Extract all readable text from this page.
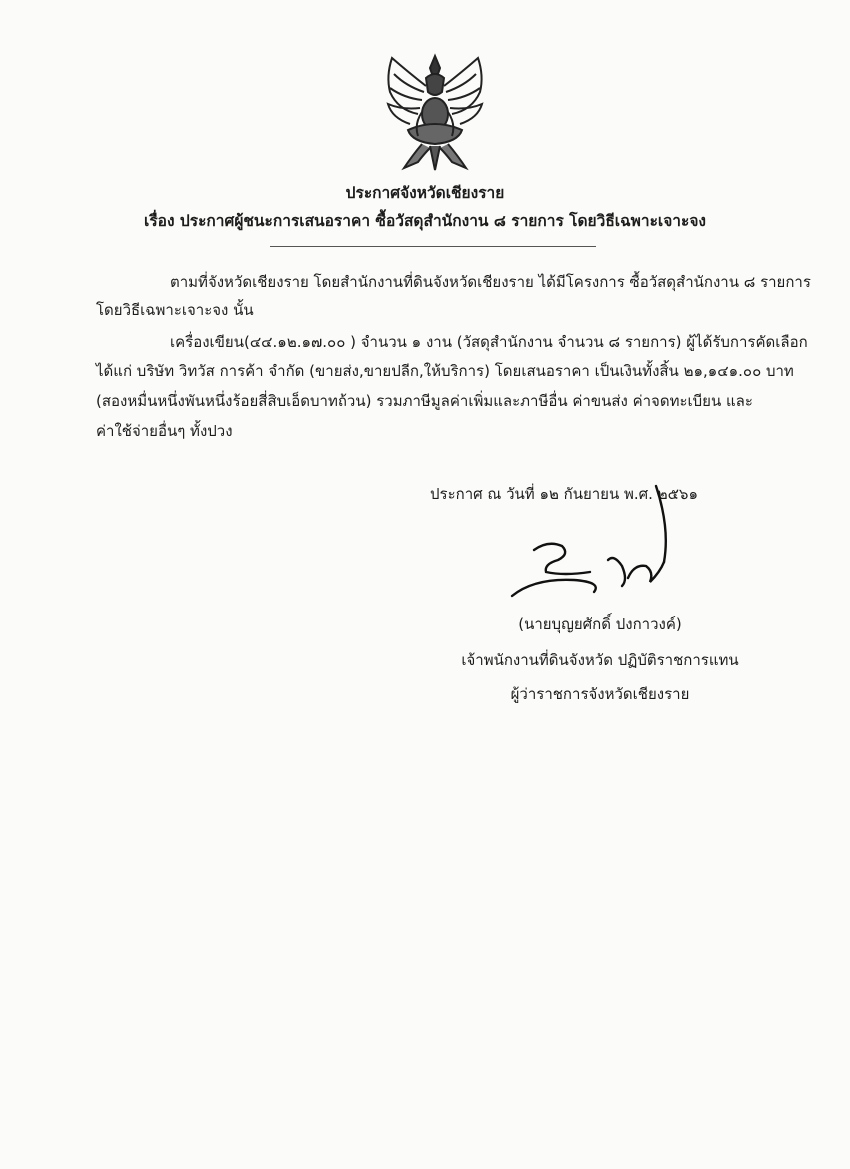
ประกาศจังหวัดเชียงราย
เรื่อง ประกาศผู้ชนะการเสนอราคา ซื้อวัสดุสำนักงาน ๘ รายการ โดยวิธีเฉพาะเจาะจง
ตามที่จังหวัดเชียงราย โดยสำนักงานที่ดินจังหวัดเชียงราย ได้มีโครงการ ซื้อวัสดุสำนักงาน ๘ รายการ
โดยวิธีเฉพาะเจาะจง นั้น
เครื่องเขียน(๔๔.๑๒.๑๗.๐๐ ) จำนวน ๑ งาน (วัสดุสำนักงาน จำนวน ๘ รายการ) ผู้ได้รับการคัดเลือก
ได้แก่ บริษัท วิทวัส การค้า จำกัด (ขายส่ง,ขายปลีก,ให้บริการ) โดยเสนอราคา เป็นเงินทั้งสิ้น ๒๑,๑๔๑.๐๐ บาท
(สองหมื่นหนึ่งพันหนึ่งร้อยสี่สิบเอ็ดบาทถ้วน) รวมภาษีมูลค่าเพิ่มและภาษีอื่น ค่าขนส่ง ค่าจดทะเบียน และ
ค่าใช้จ่ายอื่นๆ ทั้งปวง
ประกาศ ณ วันที่ ๑๒ กันยายน พ.ศ. ๒๕๖๑
(นายบุญยศักดิ์ ปงกาวงค์)
เจ้าพนักงานที่ดินจังหวัด ปฏิบัติราชการแทน
ผู้ว่าราชการจังหวัดเชียงราย
